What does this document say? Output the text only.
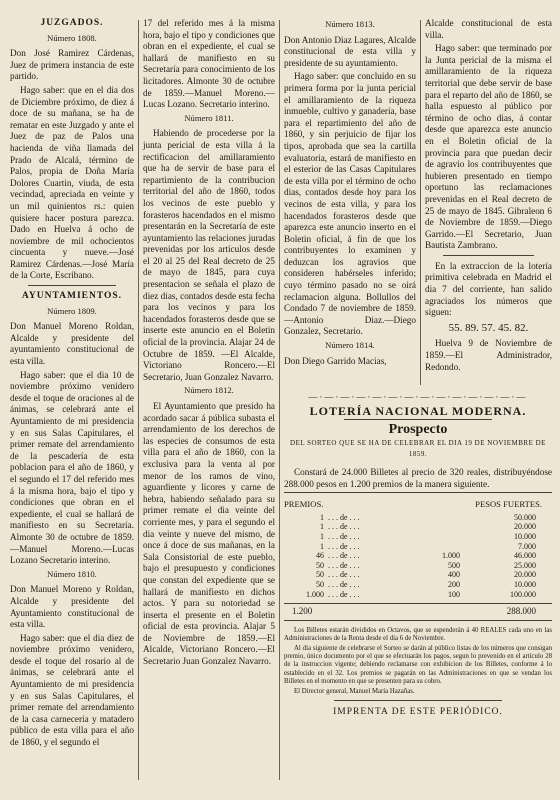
JUZGADOS.
Número 1808.

Don José Ramirez Cárdenas, Juez de primera instancia de este partido.

Hago saber: que en el dia dos de Diciembre próximo, de diez á doce de su mañana, se ha de rematar en este Juzgado y ante el Juez de paz de Palos una hacienda de viña llamada del Prado de Alcalá, término de Palos, propia de Doña María Dolores Cuartin, viuda, de esta vecindad, apreciada en veinte y un mil quinientos rs.: quien quisiere hacer postura parezca. Dado en Huelva á ocho de noviembre de mil ochocientos cincuenta y nueve.—José Ramirez Cárdenas.—José María de la Corte, Escribano.

AYUNTAMIENTOS.
Número 1809.

Don Manuel Moreno Roldan, Alcalde y presidente del ayuntamiento constitucional de esta villa.

Hago saber: que el dia 10 de noviembre próximo venidero desde el toque de oraciones al de ánimas, se celebrará ante el Ayuntamiento de mi presidencia y en sus Salas Capitulares, el primer remate del arrendamiento de la pescadería de esta poblacion para el año de 1860, y el segundo el 17 del referido mes á la misma hora, bajo el tipo y condiciones que obran en el expediente, el cual se hallará de manifiesto en su Secretaría. Almonte 30 de octubre de 1859.—Manuel Moreno.—Lucas Lozano Secretario interino.

Número 1810.

Don Manuel Moreno y Roldan, Alcalde y presidente del Ayuntamiento constitucional de esta villa.

Hago saber: que el dia diez de noviembre próximo venidero, desde el toque del rosario al de ánimas, se celebrará ante el Ayuntamiento de mi presidencia y en sus Salas Capitulares, el primer remate del arrendamiento de la casa carnecería y matadero público de esta villa para el año de 1860, y el segundo el

17 del referido mes á la misma hora, bajo el tipo y condiciones que obran en el expediente, el cual se hallará de manifiesto en su Secretaría para conocimiento de los licitadores. Almonte 30 de octubre de 1859.—Manuel Moreno.—Lucas Lozano. Secretario interino.

Número 1811.

Habiendo de procederse por la junta pericial de esta villa á la rectificacion del amillaramiento que ha de servir de base para el repartimiento de la contribucion territorial del año de 1860, todos los vecinos de este pueblo y forasteros hacendados en el mismo presentarán en la Secretaría de este ayuntamiento las relaciones juradas prevenidas por los artículos desde el 20 al 25 del Real decreto de 25 de mayo de 1845, para cuya presentacion se señala el plazo de diez dias, contados desde esta fecha para los vecinos y para los hacendados forasteros desde que se inserte este anuncio en el Boletin oficial de la provincia. Alajar 24 de Octubre de 1859. —El Alcalde, Victoriano Roncero.—El Secretario, Juan Gonzalez Navarro.

Número 1812.

El Ayuntamiento que presido ha acordado sacar á pública subasta el arrendamiento de los derechos de las especies de consumos de esta villa para el año de 1860, con la exclusiva para la venta al por menor de los ramos de vino, aguardiente y licores y carne de hebra, habiendo señalado para su primer remate el dia veinte del corriente mes, y para el segundo el dia veinte y nueve del mismo, de once á doce de sus mañanas, en la Sala Consistorial de este pueblo, bajo el presupuesto y condiciones que constan del expediente que se hallará de manifiesto en dichos actos. Y para su notoriedad se inserta el presente en el Boletin oficial de esta provincia. Alajar 5 de Noviembre de 1859.—El Alcalde, Victoriano Roncero.—El Secretario Juan Gonzalez Navarro.

Número 1813.

Don Antonio Diaz Lagares, Alcalde constitucional de esta villa y presidente de su ayuntamiento.

Hago saber: que concluido en su primera forma por la junta pericial el amillaramiento de la riqueza inmueble, cultivo y ganadería, base para el repartimiento del año de 1860, y sin perjuicio de fijar los tipos, aprobada que sea la cartilla evaluatoria, estará de manifiesto en el esterior de las Casas Capitulares de esta villa por el término de ocho dias, contados desde hoy para los vecinos de esta villa, y para los hacendados forasteros desde que aparezca este anuncio inserto en el Boletin oficial, á fin de que los contribuyentes lo examinen y deduzcan los agravios que consideren habérseles inferido; cuyo término pasado no se oirá reclamacion alguna. Bollullos del Condado 7 de noviembre de 1859. —Antonio Diaz.—Diego Gonzalez, Secretario.

Número 1814.

Don Diego Garrido Macias,

Alcalde constitucional de esta villa.

Hago saber: que terminado por la Junta pericial de la misma el amillaramiento de la riqueza territorial que debe servir de base para el reparto del año de 1860, se halla espuesto al público por término de ocho dias, á contar desde que aparezca este anuncio en el Boletin oficial de la provincia para que puedan decir de agravio los contribuyentes que hubieren presentado en tiempo oportuno las reclamaciones prevenidas en el Real decreto de 25 de mayo de 1845. Gibraleon 6 de Noviembre de 1859.—Diego Garrido.—El Secretario, Juan Bautista Zambrano.

En la extraccion de la lotería primitiva celebrada en Madrid el dia 7 del corriente, han salido agraciados los números que siguen:

55. 89. 57. 45. 82.

Huelva 9 de Noviembre de 1859.—El Administrador, Redondo.

—·—·—·—·—·—·—·—·—·—·—·—·—·—
LOTERÍA NACIONAL MODERNA.
Prospecto
DEL SORTEO QUE SE HA DE CELEBRAR EL DIA 19 DE NOVIEMBRE DE 1859.

Constará de 24.000 Billetes al precio de 320 reales, distribuyéndose 288.000 pesos en 1.200 premios de la manera siguiente.

PREMIOS.	PESOS FUERTES.
1	. . . de . . .		50.000
1	. . . de . . .		20.000
1	. . . de . . .		10.000
1	. . . de . . .		7.000
46	. . . de . . .	1.000	46.000
50	. . . de . . .	500	25.000
50	. . . de . . .	400	20.000
50	. . . de . . .	200	10.000
1.000	. . . de . . .	100	100.000
1.200	288.000

Los Billetes estarán divididos en Octavos, que se espenderán á 40 REALES cada uno en las Administraciones de la Renta desde el dia 6 de Noviembre.

Al dia siguiente de celebrarse el Sorteo se darán al público listas de los números que consigan premio, único documento por el que se efectuarán los pagos, segun lo prevenido en el artículo 28 de la instruccion vigente; debiendo reclamarse con exhibicion de los Billetes, conforme á lo establecido en el 32. Los premios se pagarán en las Administraciones en que se vendan los Billetes en el momento en que se presenten para su cobro.

El Director general, Manuel María Hazañas.

IMPRENTA DE ESTE PERIÓDICO.
